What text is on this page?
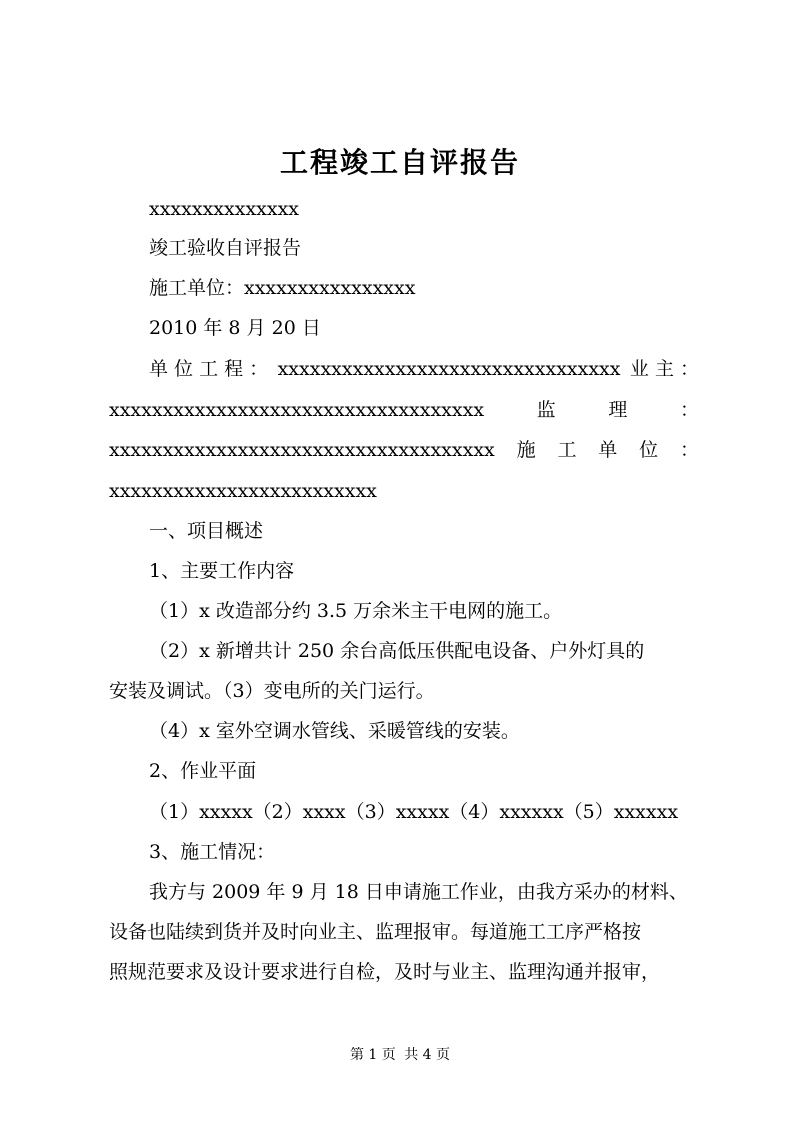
工程竣工自评报告
xxxxxxxxxxxxxx
竣工验收自评报告
施工单位：xxxxxxxxxxxxxxxx
2010 年 8 月 20 日
单 位 工 程 ： xxxxxxxxxxxxxxxxxxxxxxxxxxxxxxxx 业 主 ：
xxxxxxxxxxxxxxxxxxxxxxxxxxxxxxxxxxx	监	理	：
xxxxxxxxxxxxxxxxxxxxxxxxxxxxxxxxxxxx 施 工 单 位 ：
xxxxxxxxxxxxxxxxxxxxxxxxx
一、项目概述
1、主要工作内容
（1）x 改造部分约 3.5 万余米主干电网的施工。
（2）x 新增共计 250 余台高低压供配电设备、户外灯具的
安装及调试。（3）变电所的关门运行。
（4）x 室外空调水管线、采暖管线的安装。
2、作业平面
（1）xxxxx（2）xxxx（3）xxxxx（4）xxxxxx（5）xxxxxx
3、施工情况：
我方与 2009 年 9 月 18 日申请施工作业，由我方采办的材料、
设备也陆续到货并及时向业主、监理报审。每道施工工序严格按
照规范要求及设计要求进行自检，及时与业主、监理沟通并报审，
第 1 页 共 4 页
